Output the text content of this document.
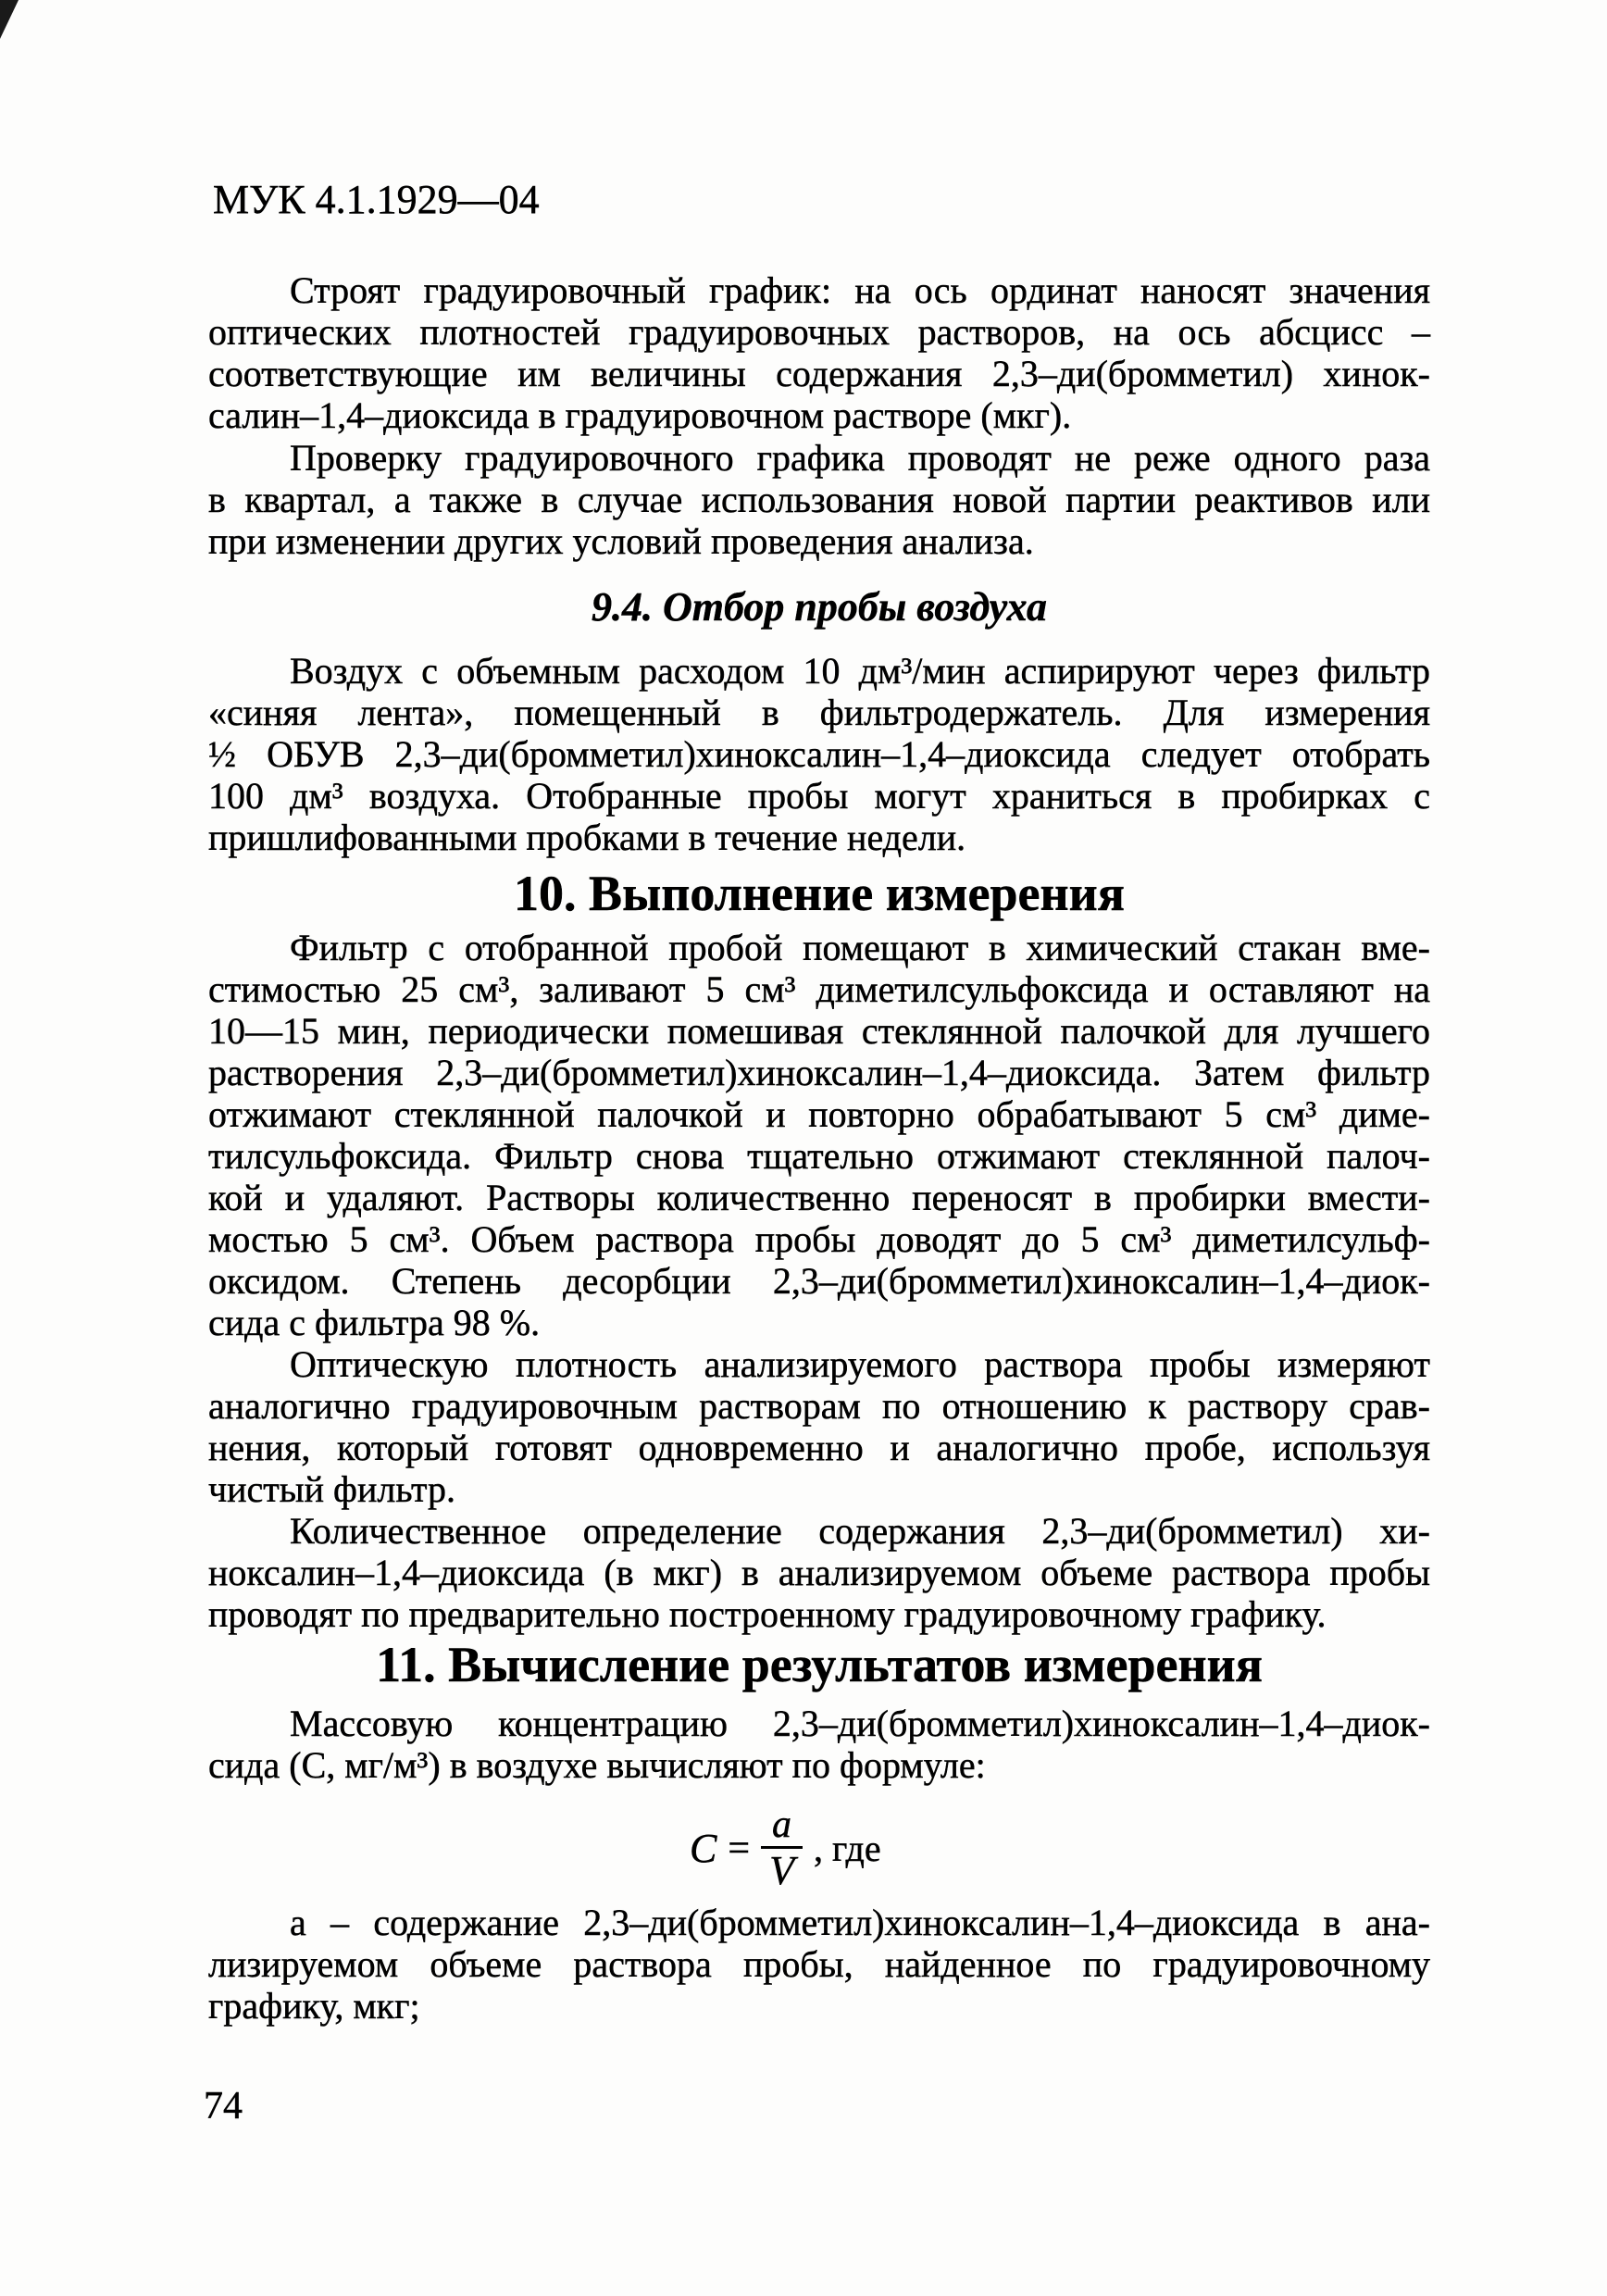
МУК 4.1.1929—04
Строят градуировочный график: на ось ординат наносят значения
оптических плотностей градуировочных растворов, на ось абсцисс –
соответствующие им величины содержания 2,3–ди(бромметил) хинок-
салин–1,4–диоксида в градуировочном растворе (мкг).
Проверку градуировочного графика проводят не реже одного раза
в квартал, а также в случае использования новой партии реактивов или
при изменении других условий проведения анализа.
9.4. Отбор пробы воздуха
Воздух с объемным расходом 10 дм³/мин аспирируют через фильтр
«синяя лента», помещенный в фильтродержатель. Для измерения
½ ОБУВ 2,3–ди(бромметил)хиноксалин–1,4–диоксида следует отобрать
100 дм³ воздуха. Отобранные пробы могут храниться в пробирках с
пришлифованными пробками в течение недели.
10. Выполнение измерения
Фильтр с отобранной пробой помещают в химический стакан вме-
стимостью 25 см³, заливают 5 см³ диметилсульфоксида и оставляют на
10—15 мин, периодически помешивая стеклянной палочкой для лучшего
растворения 2,3–ди(бромметил)хиноксалин–1,4–диоксида. Затем фильтр
отжимают стеклянной палочкой и повторно обрабатывают 5 см³ диме-
тилсульфоксида. Фильтр снова тщательно отжимают стеклянной палоч-
кой и удаляют. Растворы количественно переносят в пробирки вмести-
мостью 5 см³. Объем раствора пробы доводят до 5 см³ диметилсульф-
оксидом. Степень десорбции 2,3–ди(бромметил)хиноксалин–1,4–диок-
сида с фильтра 98 %.
Оптическую плотность анализируемого раствора пробы измеряют
аналогично градуировочным растворам по отношению к раствору срав-
нения, который готовят одновременно и аналогично пробе, используя
чистый фильтр.
Количественное определение содержания 2,3–ди(бромметил) хи-
ноксалин–1,4–диоксида (в мкг) в анализируемом объеме раствора пробы
проводят по предварительно построенному градуировочному графику.
11. Вычисление результатов измерения
Массовую концентрацию 2,3–ди(бромметил)хиноксалин–1,4–диок-
сида (С, мг/м³) в воздухе вычисляют по формуле:
$C = \frac{a}{V}$ , где
а – содержание 2,3–ди(бромметил)хиноксалин–1,4–диоксида в ана-
лизируемом объеме раствора пробы, найденное по градуировочному
графику, мкг;
74
